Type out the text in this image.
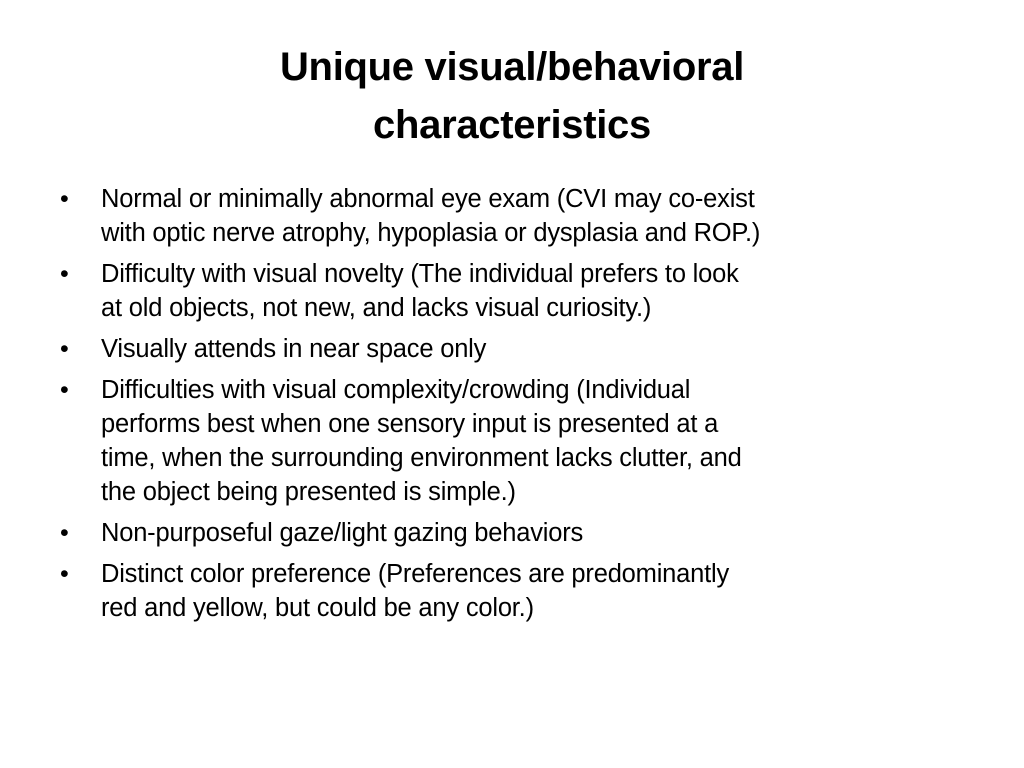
Unique visual/behavioral
characteristics
•	Normal or minimally abnormal eye exam (CVI may co-exist
with optic nerve atrophy, hypoplasia or dysplasia and ROP.)
•	Difficulty with visual novelty (The individual prefers to look
at old objects, not new, and lacks visual curiosity.)
•	Visually attends in near space only
•	Difficulties with visual complexity/crowding (Individual
performs best when one sensory input is presented at a
time, when the surrounding environment lacks clutter, and
the object being presented is simple.)
•	Non-purposeful gaze/light gazing behaviors
•	Distinct color preference (Preferences are predominantly
red and yellow, but could be any color.)
